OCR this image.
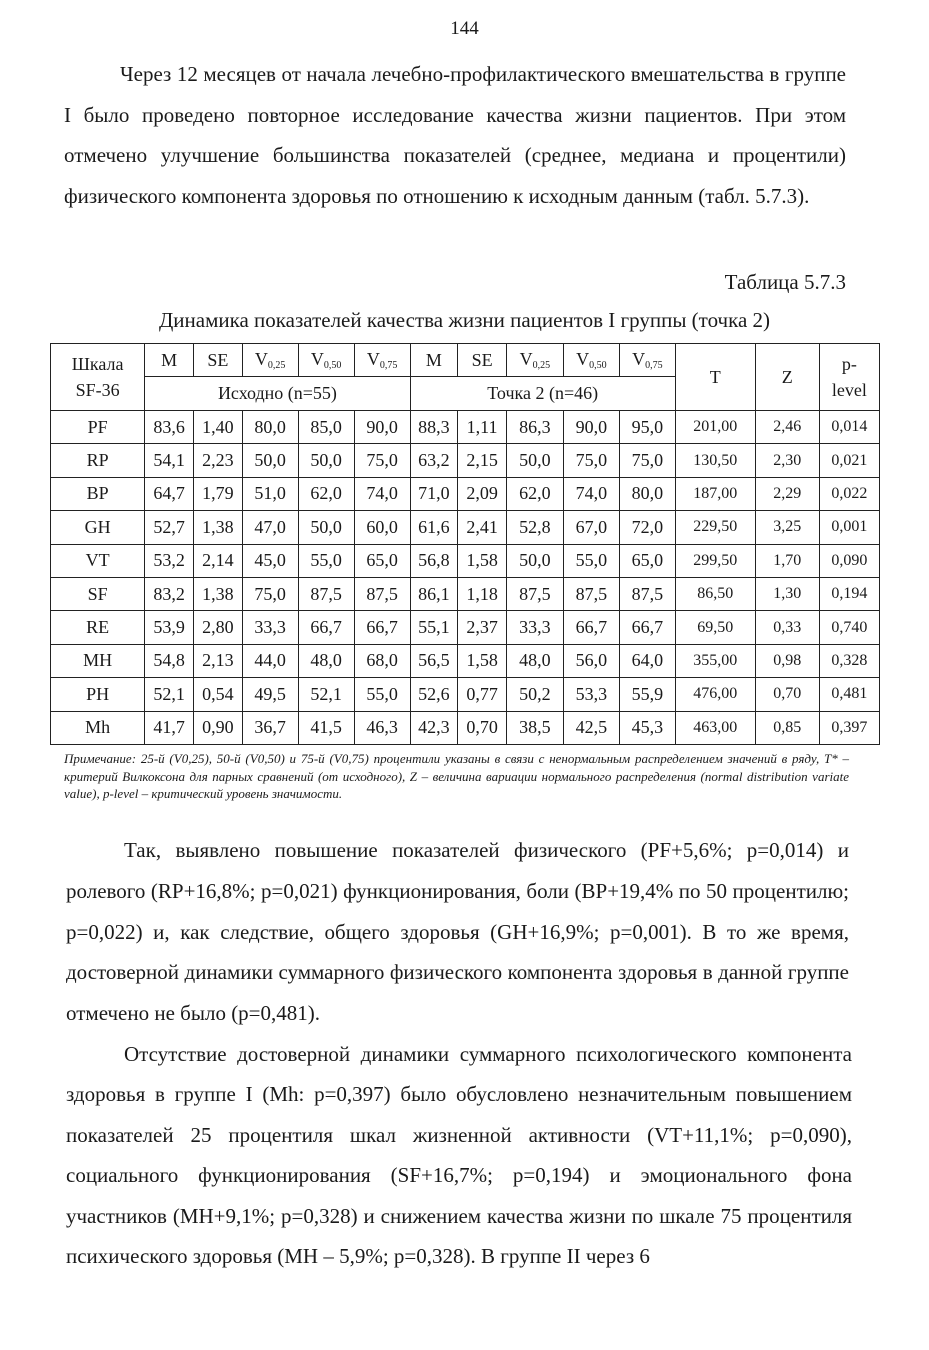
144
Через 12 месяцев от начала лечебно-профилактического вмешательства в группе I было проведено повторное исследование качества жизни пациентов. При этом отмечено улучшение большинства показателей (среднее, медиана и процентили) физического компонента здоровья по отношению к исходным данным (табл. 5.7.3).
Таблица 5.7.3
Динамика показателей качества жизни пациентов I группы (точка 2)
Шкала SF-36	M	SE	V0,25	V0,50	V0,75	M	SE	V0,25	V0,50	V0,75	T	Z	p-level
	Исходно (n=55)					Точка 2 (n=46)							
PF	83,6	1,40	80,0	85,0	90,0	88,3	1,11	86,3	90,0	95,0	201,00	2,46	0,014
RP	54,1	2,23	50,0	50,0	75,0	63,2	2,15	50,0	75,0	75,0	130,50	2,30	0,021
BP	64,7	1,79	51,0	62,0	74,0	71,0	2,09	62,0	74,0	80,0	187,00	2,29	0,022
GH	52,7	1,38	47,0	50,0	60,0	61,6	2,41	52,8	67,0	72,0	229,50	3,25	0,001
VT	53,2	2,14	45,0	55,0	65,0	56,8	1,58	50,0	55,0	65,0	299,50	1,70	0,090
SF	83,2	1,38	75,0	87,5	87,5	86,1	1,18	87,5	87,5	87,5	86,50	1,30	0,194
RE	53,9	2,80	33,3	66,7	66,7	55,1	2,37	33,3	66,7	66,7	69,50	0,33	0,740
MH	54,8	2,13	44,0	48,0	68,0	56,5	1,58	48,0	56,0	64,0	355,00	0,98	0,328
PH	52,1	0,54	49,5	52,1	55,0	52,6	0,77	50,2	53,3	55,9	476,00	0,70	0,481
Mh	41,7	0,90	36,7	41,5	46,3	42,3	0,70	38,5	42,5	45,3	463,00	0,85	0,397
Примечание: 25-й (V0,25), 50-й (V0,50) и 75-й (V0,75) процентили указаны в связи с ненормальным распределением значений в ряду, T* – критерий Вилкоксона для парных сравнений (от исходного), Z – величина вариации нормального распределения (normal distribution variate value), p-level – критический уровень значимости.
Так, выявлено повышение показателей физического (PF+5,6%; p=0,014) и ролевого (RP+16,8%; p=0,021) функционирования, боли (BP+19,4% по 50 процентилю; p=0,022) и, как следствие, общего здоровья (GH+16,9%; p=0,001). В то же время, достоверной динамики суммарного физического компонента здоровья в данной группе отмечено не было (p=0,481).
Отсутствие достоверной динамики суммарного психологического компонента здоровья в группе I (Mh: p=0,397) было обусловлено незначительным повышением показателей 25 процентиля шкал жизненной активности (VT+11,1%; p=0,090), социального функционирования (SF+16,7%; p=0,194) и эмоционального фона участников (MH+9,1%; p=0,328) и снижением качества жизни по шкале 75 процентиля психического здоровья (MH – 5,9%; p=0,328). В группе II через 6
